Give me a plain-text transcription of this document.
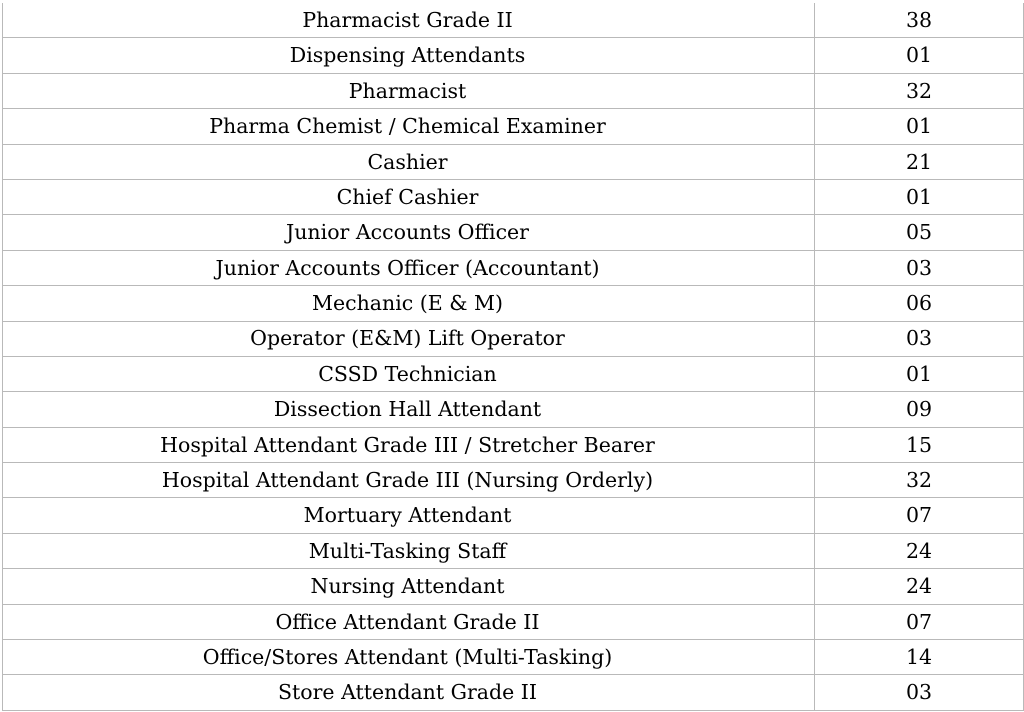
Pharmacist Grade II	38
Dispensing Attendants	01
Pharmacist	32
Pharma Chemist / Chemical Examiner	01
Cashier	21
Chief Cashier	01
Junior Accounts Officer	05
Junior Accounts Officer (Accountant)	03
Mechanic (E & M)	06
Operator (E&M) Lift Operator	03
CSSD Technician	01
Dissection Hall Attendant	09
Hospital Attendant Grade III / Stretcher Bearer	15
Hospital Attendant Grade III (Nursing Orderly)	32
Mortuary Attendant	07
Multi-Tasking Staff	24
Nursing Attendant	24
Office Attendant Grade II	07
Office/Stores Attendant (Multi-Tasking)	14
Store Attendant Grade II	03
